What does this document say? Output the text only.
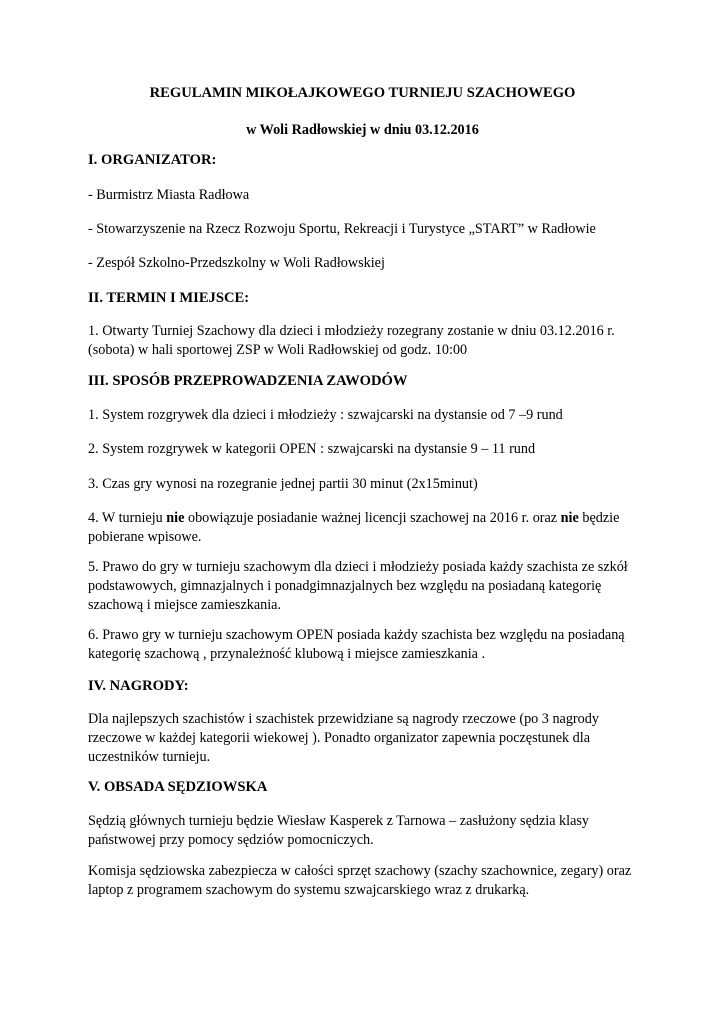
REGULAMIN MIKOŁAJKOWEGO TURNIEJU SZACHOWEGO

w Woli Radłowskiej w dniu 03.12.2016

I. ORGANIZATOR:

- Burmistrz Miasta Radłowa

- Stowarzyszenie na Rzecz Rozwoju Sportu, Rekreacji i Turystyce „START” w Radłowie

- Zespół Szkolno-Przedszkolny w Woli Radłowskiej

II. TERMIN I MIEJSCE:

1. Otwarty Turniej Szachowy dla dzieci i młodzieży rozegrany zostanie w dniu 03.12.2016 r. (sobota) w hali sportowej ZSP w Woli Radłowskiej od godz. 10:00

III. SPOSÓB PRZEPROWADZENIA ZAWODÓW

1. System rozgrywek dla dzieci i młodzieży : szwajcarski na dystansie od 7 –9 rund

2. System rozgrywek w kategorii OPEN : szwajcarski na dystansie 9 – 11 rund

3. Czas gry wynosi na rozegranie jednej partii 30 minut (2x15minut)

4. W turnieju nie obowiązuje posiadanie ważnej licencji szachowej na 2016 r. oraz nie będzie pobierane wpisowe.

5. Prawo do gry w turnieju szachowym dla dzieci i młodzieży posiada każdy szachista ze szkół podstawowych, gimnazjalnych i ponadgimnazjalnych bez względu na posiadaną kategorię szachową i miejsce zamieszkania.

6. Prawo gry w turnieju szachowym OPEN posiada każdy szachista bez względu na posiadaną kategorię szachową , przynależność klubową i miejsce zamieszkania .

IV. NAGRODY:

Dla najlepszych szachistów i szachistek przewidziane są nagrody rzeczowe (po 3 nagrody rzeczowe w każdej kategorii wiekowej ). Ponadto organizator zapewnia poczęstunek dla uczestników turnieju.

V. OBSADA SĘDZIOWSKA

Sędzią głównych turnieju będzie Wiesław Kasperek z Tarnowa – zasłużony sędzia klasy państwowej przy pomocy sędziów pomocniczych.

Komisja sędziowska zabezpiecza w całości sprzęt szachowy (szachy szachownice, zegary) oraz laptop z programem szachowym do systemu szwajcarskiego wraz z drukarką.
